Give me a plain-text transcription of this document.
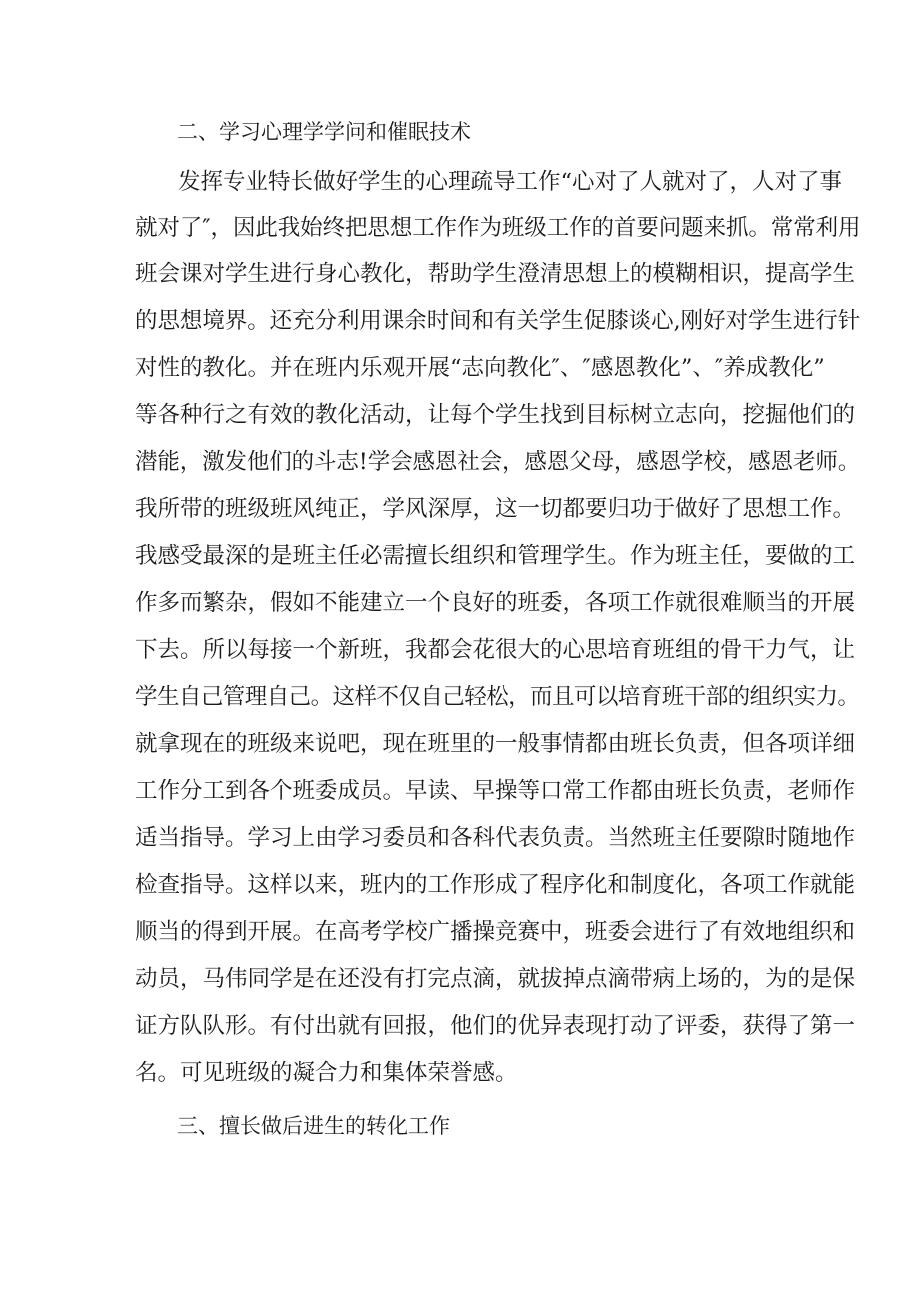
二、学习心理学学问和催眠技术
发挥专业特长做好学生的心理疏导工作“心对了人就对了，人对了事
就对了″，因此我始终把思想工作作为班级工作的首要问题来抓。常常利用
班会课对学生进行身心教化，帮助学生澄清思想上的模糊相识，提高学生
的思想境界。还充分利用课余时间和有关学生促膝谈心,刚好对学生进行针
对性的教化。并在班内乐观开展“志向教化″、″感恩教化”、″养成教化”
等各种行之有效的教化活动，让每个学生找到目标树立志向，挖掘他们的
潜能，激发他们的斗志!学会感恩社会，感恩父母，感恩学校，感恩老师。
我所带的班级班风纯正，学风深厚，这一切都要归功于做好了思想工作。
我感受最深的是班主任必需擅长组织和管理学生。作为班主任，要做的工
作多而繁杂，假如不能建立一个良好的班委，各项工作就很难顺当的开展
下去。所以每接一个新班，我都会花很大的心思培育班组的骨干力气，让
学生自己管理自己。这样不仅自己轻松，而且可以培育班干部的组织实力。
就拿现在的班级来说吧，现在班里的一般事情都由班长负责，但各项详细
工作分工到各个班委成员。早读、早操等口常工作都由班长负责，老师作
适当指导。学习上由学习委员和各科代表负责。当然班主任要隙时随地作
检查指导。这样以来，班内的工作形成了程序化和制度化，各项工作就能
顺当的得到开展。在高考学校广播操竞赛中，班委会进行了有效地组织和
动员，马伟同学是在还没有打完点滴，就拔掉点滴带病上场的，为的是保
证方队队形。有付出就有回报，他们的优异表现打动了评委，获得了第一
名。可见班级的凝合力和集体荣誉感。
三、擅长做后进生的转化工作
